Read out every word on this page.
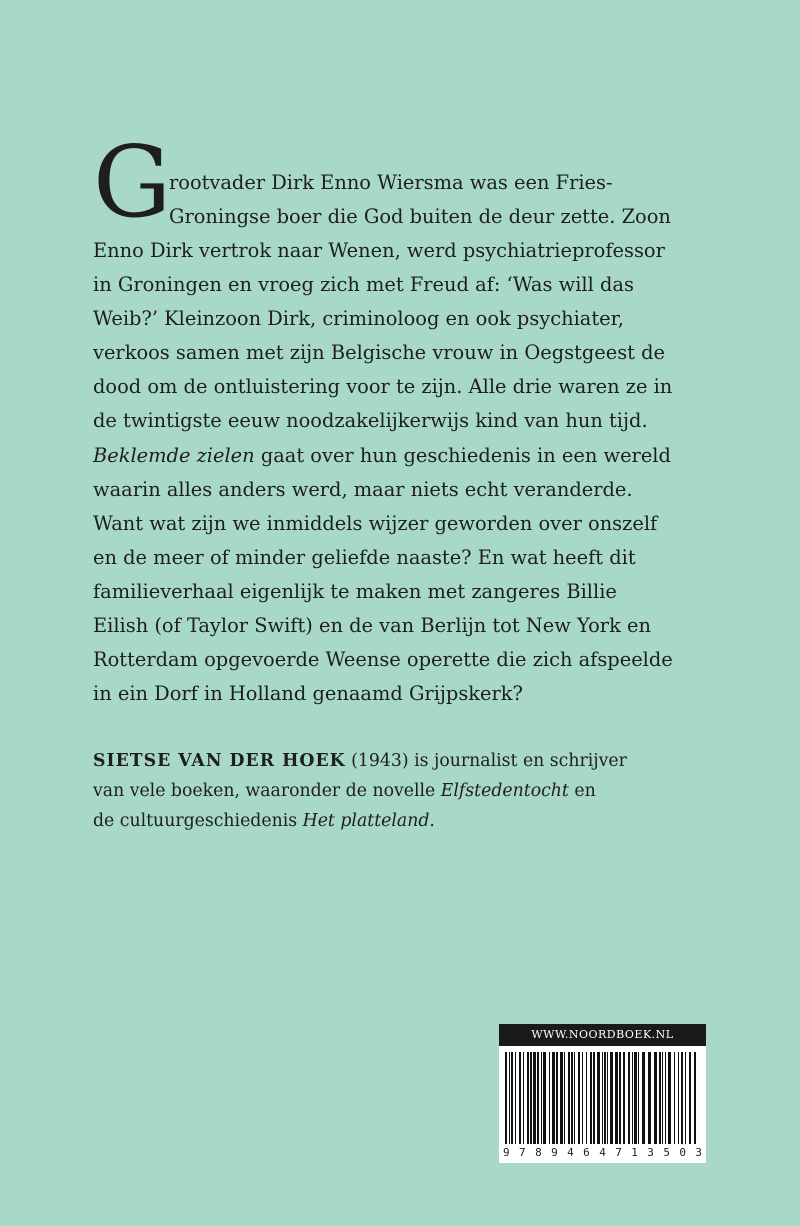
G
rootvader Dirk Enno Wiersma was een Fries-
Groningse boer die God buiten de deur zette. Zoon
Enno Dirk vertrok naar Wenen, werd psychiatrieprofessor
in Groningen en vroeg zich met Freud af: ‘Was will das
Weib?’ Kleinzoon Dirk, criminoloog en ook psychiater,
verkoos samen met zijn Belgische vrouw in Oegstgeest de
dood om de ontluistering voor te zijn. Alle drie waren ze in
de twintigste eeuw noodzakelijkerwijs kind van hun tijd.
Beklemde zielen gaat over hun geschiedenis in een wereld
waarin alles anders werd, maar niets echt veranderde.
Want wat zijn we inmiddels wijzer geworden over onszelf
en de meer of minder geliefde naaste? En wat heeft dit
familieverhaal eigenlijk te maken met zangeres Billie
Eilish (of Taylor Swift) en de van Berlijn tot New York en
Rotterdam opgevoerde Weense operette die zich afspeelde
in ein Dorf in Holland genaamd Grijpskerk?
SIETSE VAN DER HOEK (1943) is journalist en schrijver
van vele boeken, waaronder de novelle Elfstedentocht en
de cultuurgeschiedenis Het platteland.
WWW.NOORDBOEK.NL
9 7 8 9 4 6 4 7 1 3 5 0 3
